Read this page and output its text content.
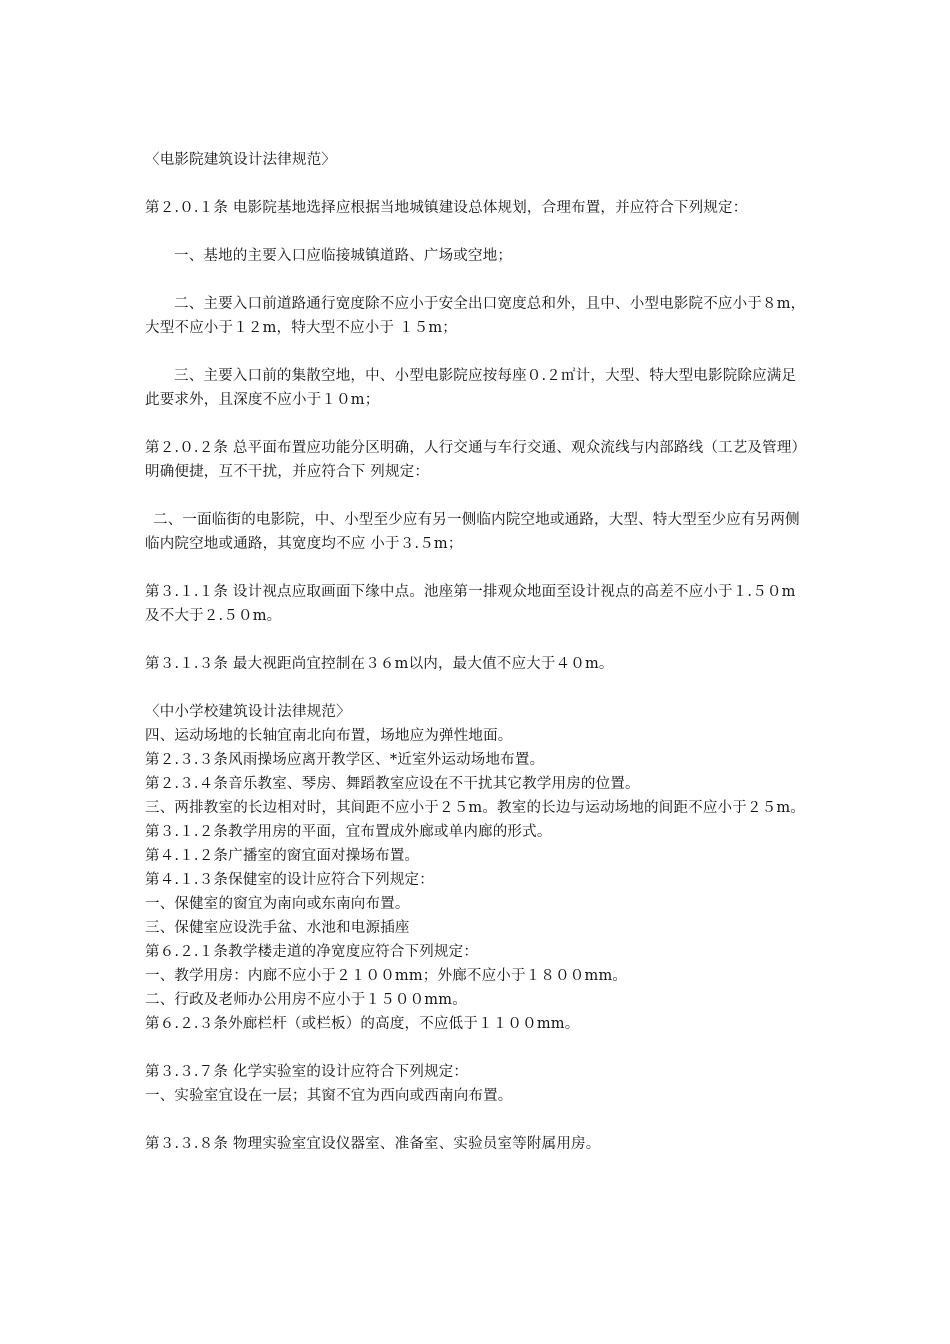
〈电影院建筑设计法律规范〉

第２.０.１条 电影院基地选择应根据当地城镇建设总体规划，合理布置，并应符合下列规定：

一、基地的主要入口应临接城镇道路、广场或空地；

二、主要入口前道路通行宽度除不应小于安全出口宽度总和外，且中、小型电影院不应小于８m，大型不应小于１２m，特大型不应小于 １５m；

三、主要入口前的集散空地，中、小型电影院应按每座０.２㎡计，大型、特大型电影院除应满足此要求外，且深度不应小于１０m；

第２.０.２条 总平面布置应功能分区明确，人行交通与车行交通、观众流线与内部路线（工艺及管理）明确便捷，互不干扰，并应符合下 列规定：

二、一面临街的电影院，中、小型至少应有另一侧临内院空地或通路，大型、特大型至少应有另两侧临内院空地或通路，其宽度均不应 小于３.５m；

第３.１.１条 设计视点应取画面下缘中点。池座第一排观众地面至设计视点的高差不应小于１.５０m及不大于２.５０m。

第３.１.３条 最大视距尚宜控制在３６m以内，最大值不应大于４０m。

〈中小学校建筑设计法律规范〉

四、运动场地的长轴宜南北向布置，场地应为弹性地面。

第２.３.３条风雨操场应离开教学区、*近室外运动场地布置。

第２.３.４条音乐教室、琴房、舞蹈教室应设在不干扰其它教学用房的位置。

三、两排教室的长边相对时，其间距不应小于２５m。教室的长边与运动场地的间距不应小于２５m。

第３.１.２条教学用房的平面，宜布置成外廊或单内廊的形式。

第４.１.２条广播室的窗宜面对操场布置。

第４.１.３条保健室的设计应符合下列规定：

一、保健室的窗宜为南向或东南向布置。

三、保健室应设洗手盆、水池和电源插座

第６.２.１条教学楼走道的净宽度应符合下列规定：

一、教学用房：内廊不应小于２１００mm；外廊不应小于１８００mm。

二、行政及老师办公用房不应小于１５００mm。

第６.２.３条外廊栏杆（或栏板）的高度，不应低于１１００mm。

第３.３.７条 化学实验室的设计应符合下列规定：

一、实验室宜设在一层；其窗不宜为西向或西南向布置。

第３.３.８条 物理实验室宜设仪器室、准备室、实验员室等附属用房。
